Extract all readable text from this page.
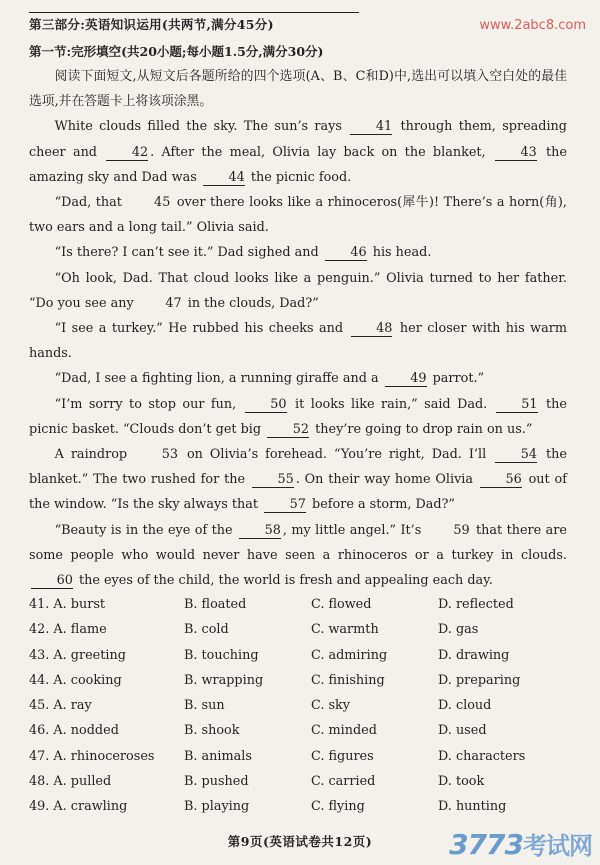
第三部分:英语知识运用(共两节,满分45分)	www.2abc8.com
第一节:完形填空(共20小题;每小题1.5分,满分30分)

阅读下面短文,从短文后各题所给的四个选项(A、B、C和D)中,选出可以填入空白处的最佳选项,并在答题卡上将该项涂黑。

White clouds filled the sky. The sun’s rays 41 through them, spreading cheer and 42 . After the meal, Olivia lay back on the blanket, 43 the amazing sky and Dad was 44 the picnic food.

“Dad, that 45 over there looks like a rhinoceros(犀牛)! There’s a horn(角), two ears and a long tail.” Olivia said.

“Is there? I can’t see it.” Dad sighed and 46 his head.

“Oh look, Dad. That cloud looks like a penguin.” Olivia turned to her father. “Do you see any 47 in the clouds, Dad?”

“I see a turkey.” He rubbed his cheeks and 48 her closer with his warm hands.

“Dad, I see a fighting lion, a running giraffe and a 49 parrot.”

“I’m sorry to stop our fun, 50 it looks like rain,” said Dad. 51 the picnic basket. “Clouds don’t get big 52 they’re going to drop rain on us.”

A raindrop 53 on Olivia’s forehead. “You’re right, Dad. I’ll 54 the blanket.” The two rushed for the 55 . On their way home Olivia 56 out of the window. “Is the sky always that 57 before a storm, Dad?”

“Beauty is in the eye of the 58 , my little angel.” It’s 59 that there are some people who would never have seen a rhinoceros or a turkey in clouds. 60 the eyes of the child, the world is fresh and appealing each day.

41. A. burst	B. floated	C. flowed	D. reflected
42. A. flame	B. cold	C. warmth	D. gas
43. A. greeting	B. touching	C. admiring	D. drawing
44. A. cooking	B. wrapping	C. finishing	D. preparing
45. A. ray	B. sun	C. sky	D. cloud
46. A. nodded	B. shook	C. minded	D. used
47. A. rhinoceroses	B. animals	C. figures	D. characters
48. A. pulled	B. pushed	C. carried	D. took
49. A. crawling	B. playing	C. flying	D. hunting
第9页(英语试卷共12页)	3773考试网
